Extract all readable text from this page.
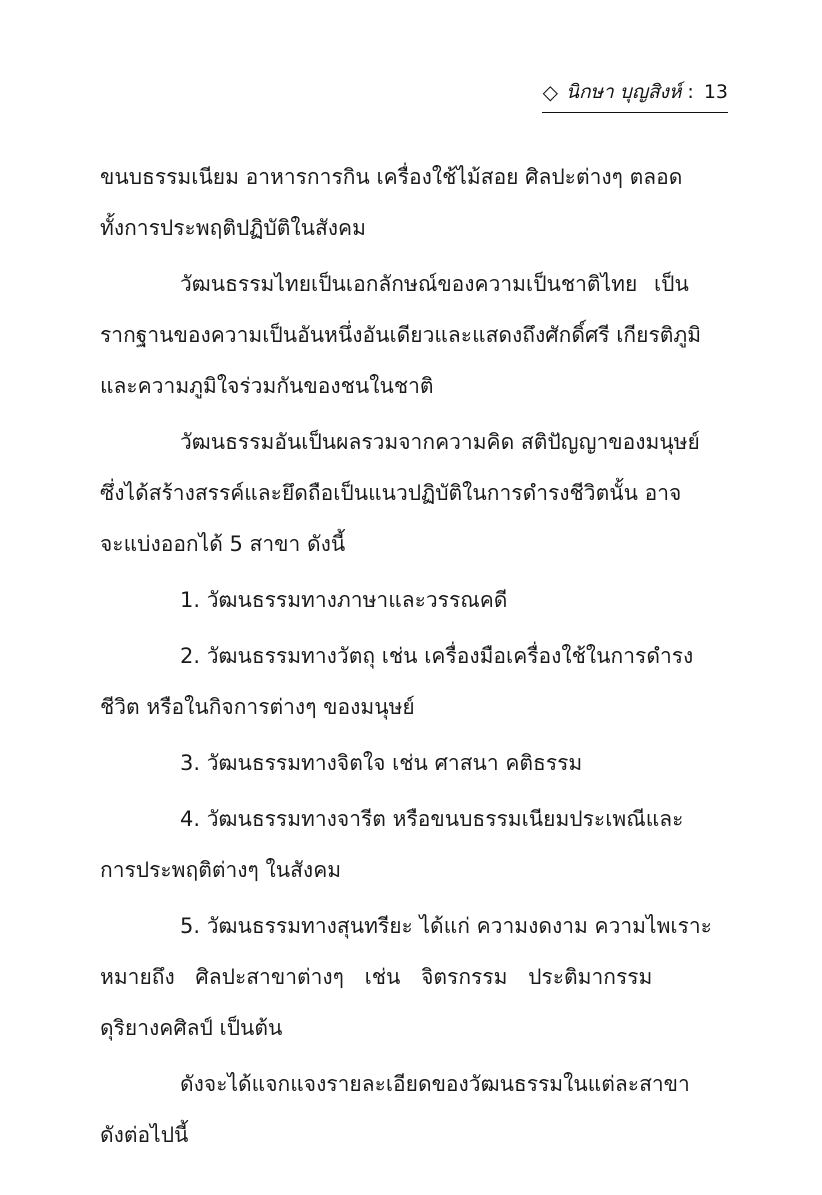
◇ นิกษา บุญสิงห์ : 13

ขนบธรรมเนียม อาหารการกิน เครื่องใช้ไม้สอย ศิลปะต่างๆ ตลอด

ทั้งการประพฤติปฏิบัติในสังคม

วัฒนธรรมไทยเป็นเอกลักษณ์ของความเป็นชาติไทย เป็น

รากฐานของความเป็นอันหนึ่งอันเดียวและแสดงถึงศักดิ์ศรี เกียรติภูมิ

และความภูมิใจร่วมกันของชนในชาติ

วัฒนธรรมอันเป็นผลรวมจากความคิด สติปัญญาของมนุษย์

ซึ่งได้สร้างสรรค์และยึดถือเป็นแนวปฏิบัติในการดำรงชีวิตนั้น อาจ

จะแบ่งออกได้ 5 สาขา ดังนี้

1. วัฒนธรรมทางภาษาและวรรณคดี

2. วัฒนธรรมทางวัตถุ เช่น เครื่องมือเครื่องใช้ในการดำรง

ชีวิต หรือในกิจการต่างๆ ของมนุษย์

3. วัฒนธรรมทางจิตใจ เช่น ศาสนา คติธรรม

4. วัฒนธรรมทางจารีต หรือขนบธรรมเนียมประเพณีและ

การประพฤติต่างๆ ในสังคม

5. วัฒนธรรมทางสุนทรียะ ได้แก่ ความงดงาม ความไพเราะ

หมายถึง ศิลปะสาขาต่างๆ เช่น จิตรกรรม ประติมากรรม

ดุริยางคศิลป์ เป็นต้น

ดังจะได้แจกแจงรายละเอียดของวัฒนธรรมในแต่ละสาขา

ดังต่อไปนี้
